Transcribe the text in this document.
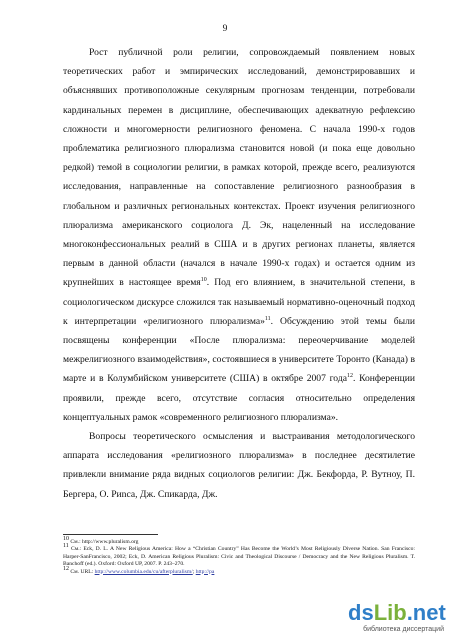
9

Рост публичной роли религии, сопровождаемый появлением новых теоретических работ и эмпирических исследований, демонстрировавших и объяснявших противоположные секулярным прогнозам тенденции, потребовали кардинальных перемен в дисциплине, обеспечивающих адекватную рефлексию сложности и многомерности религиозного феномена. С начала 1990-х годов проблематика религиозного плюрализма становится новой (и пока еще довольно редкой) темой в социологии религии, в рамках которой, прежде всего, реализуются исследования, направленные на сопоставление религиозного разнообразия в глобальном и различных региональных контекстах. Проект изучения религиозного плюрализма американского социолога Д. Эк, нацеленный на исследование многоконфессиональных реалий в США и в других регионах планеты, является первым в данной области (начался в начале 1990-х годах) и остается одним из крупнейших в настоящее время$^{10}$. Под его влиянием, в значительной степени, в социологическом дискурсе сложился так называемый нормативно-оценочный подход к интерпретации «религиозного плюрализма»$^{11}$. Обсуждению этой темы были посвящены конференции «После плюрализма: переочерчивание моделей межрелигиозного взаимодействия», состоявшиеся в университете Торонто (Канада) в марте и в Колумбийском университете (США) в октябре 2007 года$^{12}$. Конференции проявили, прежде всего, отсутствие согласия относительно определения концептуальных рамок «современного религиозного плюрализма».

Вопросы теоретического осмысления и выстраивания методологического аппарата исследования «религиозного плюрализма» в последнее десятилетие привлекли внимание ряда видных социологов религии: Дж. Бекфорда, Р. Вутноу, П. Бергера, О. Риnса, Дж. Спикарда, Дж.

$^{10}$ См.: http://www.pluralism.org

$^{11}$ См.: Eck, D. L. A New Religious America: How a “Christian Country” Has Become the World’s Most Religiously Diverse Nation. San Francisco: Harper-SanFrancisco, 2002; Eck, D. American Religious Pluralism: Civic and Theological Discourse / Democracy and the New Religious Pluralism. T. Banchoff (ed.). Oxford: Oxford UP, 2007. P. 243–270.

$^{12}$ См. URL: http://www.columbia.edu/cu/afterpluralism/; http://pa

dsLib.net
библиотека диссертаций
